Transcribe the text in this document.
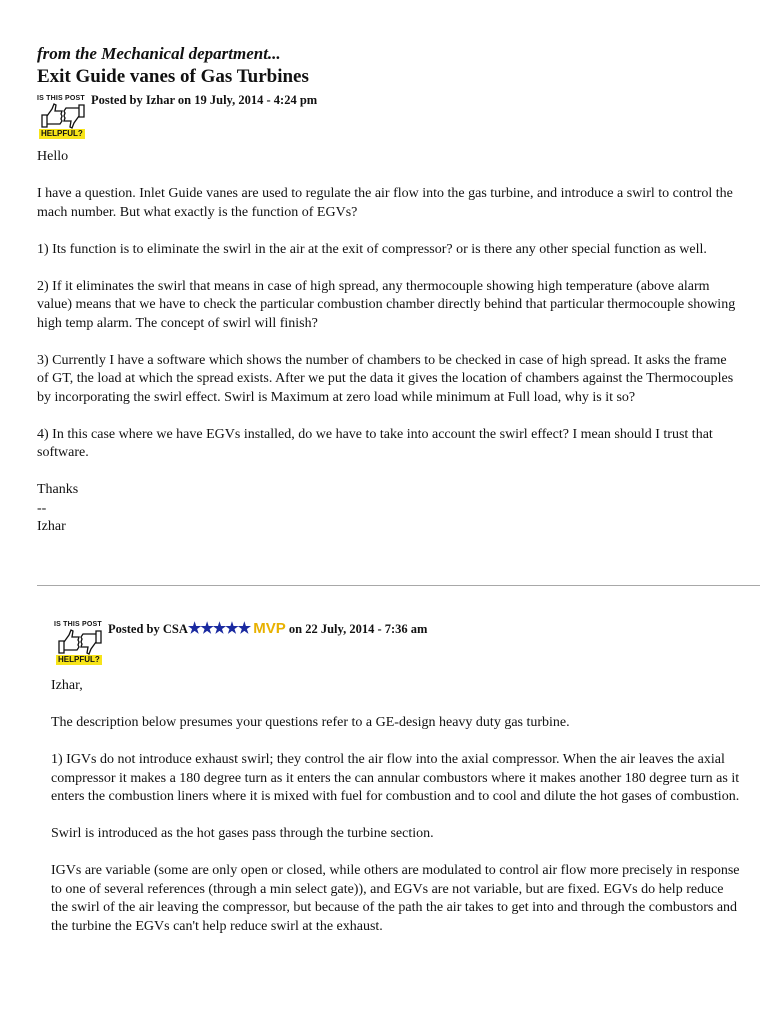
from the Mechanical department...
Exit Guide vanes of Gas Turbines
IS THIS POST
HELPFUL?
Posted by Izhar on 19 July, 2014 - 4:24 pm

Hello

I have a question. Inlet Guide vanes are used to regulate the air flow into the gas turbine, and introduce a swirl to control the mach number. But what exactly is the function of EGVs?

1) Its function is to eliminate the swirl in the air at the exit of compressor? or is there any other special function as well.

2) If it eliminates the swirl that means in case of high spread, any thermocouple showing high temperature (above alarm value) means that we have to check the particular combustion chamber directly behind that particular thermocouple showing high temp alarm. The concept of swirl will finish?

3) Currently I have a software which shows the number of chambers to be checked in case of high spread. It asks the frame of GT, the load at which the spread exists. After we put the data it gives the location of chambers against the Thermocouples by incorporating the swirl effect. Swirl is Maximum at zero load while minimum at Full load, why is it so?

4) In this case where we have EGVs installed, do we have to take into account the swirl effect? I mean should I trust that software.

Thanks
--
Izhar
IS THIS POST
HELPFUL?
Posted by CSA★★★★★ MVP on 22 July, 2014 - 7:36 am

Izhar,

The description below presumes your questions refer to a GE-design heavy duty gas turbine.

1) IGVs do not introduce exhaust swirl; they control the air flow into the axial compressor. When the air leaves the axial compressor it makes a 180 degree turn as it enters the can annular combustors where it makes another 180 degree turn as it enters the combustion liners where it is mixed with fuel for combustion and to cool and dilute the hot gases of combustion.

Swirl is introduced as the hot gases pass through the turbine section.

IGVs are variable (some are only open or closed, while others are modulated to control air flow more precisely in response to one of several references (through a min select gate)), and EGVs are not variable, but are fixed. EGVs do help reduce the swirl of the air leaving the compressor, but because of the path the air takes to get into and through the combustors and the turbine the EGVs can't help reduce swirl at the exhaust.
